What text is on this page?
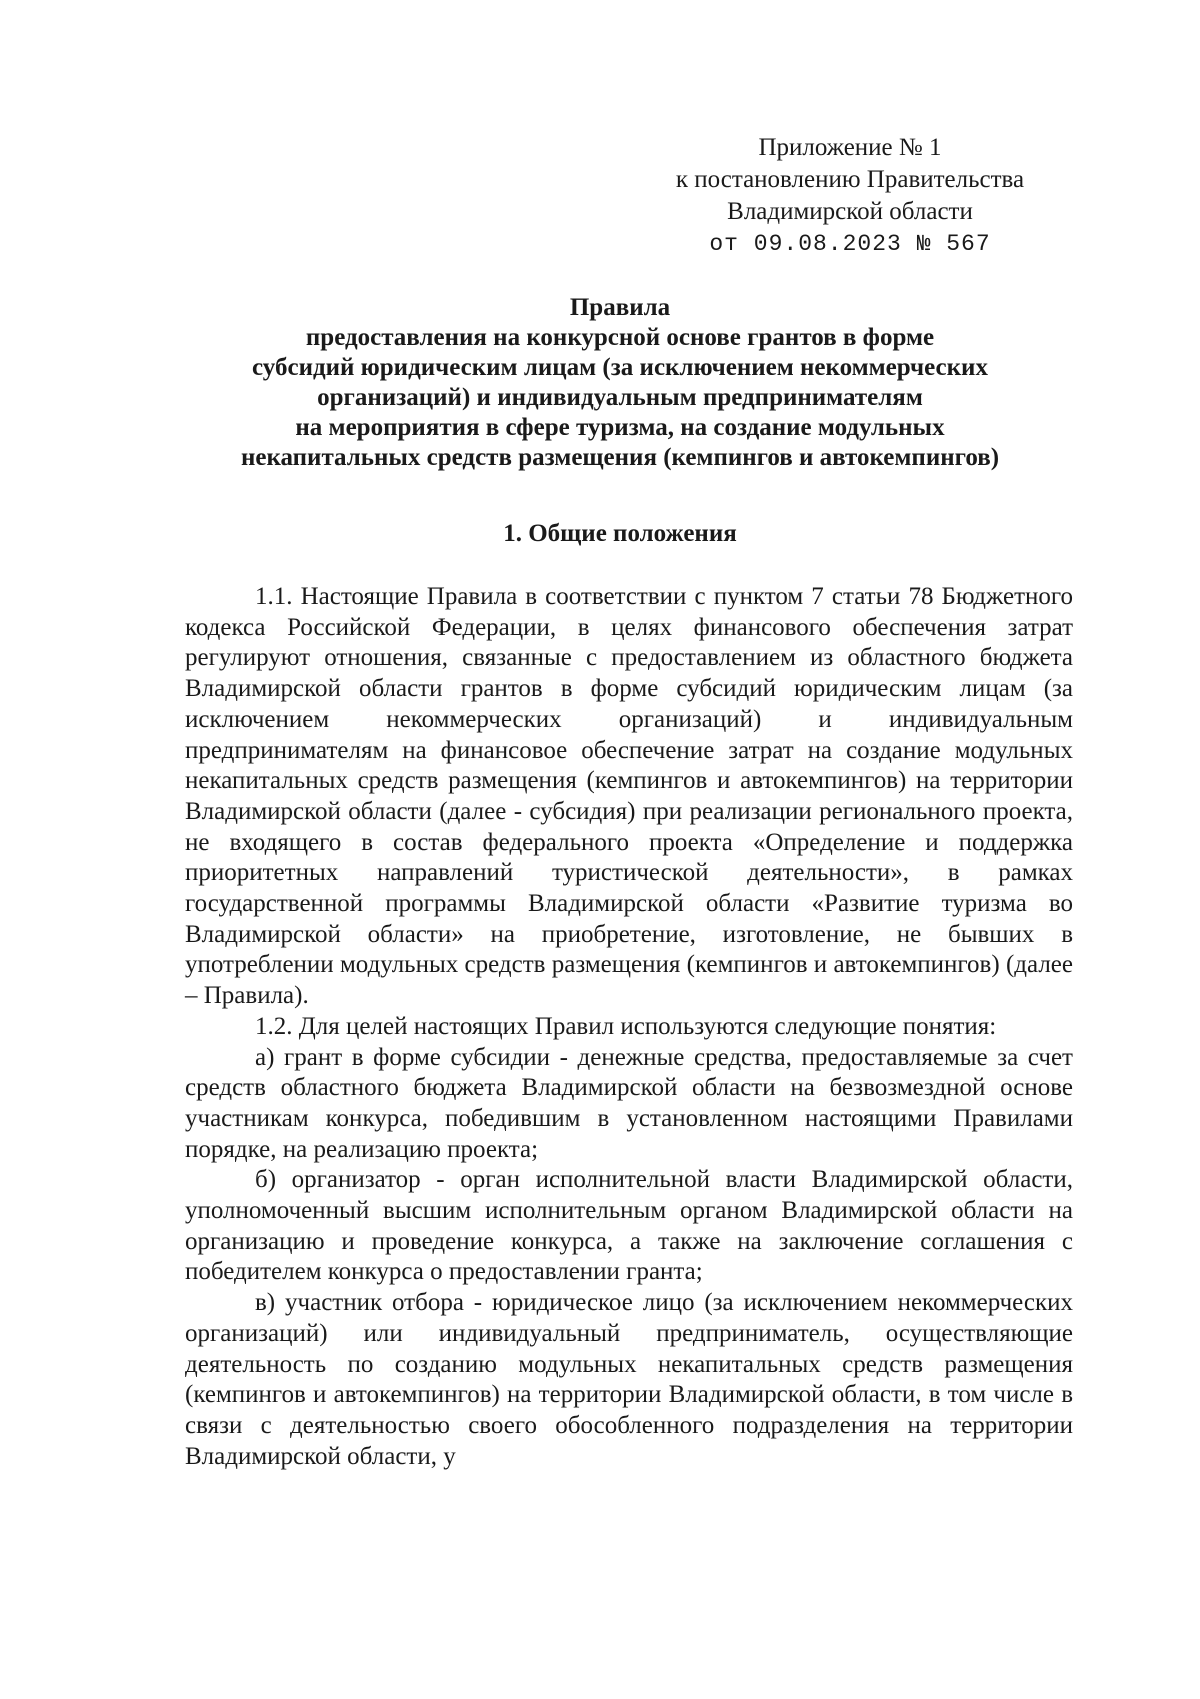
Приложение № 1
к постановлению Правительства
Владимирской области
от 09.08.2023 № 567
Правила
предоставления на конкурсной основе грантов в форме
субсидий юридическим лицам (за исключением некоммерческих
организаций) и индивидуальным предпринимателям
на мероприятия в сфере туризма, на создание модульных
некапитальных средств размещения (кемпингов и автокемпингов)
1. Общие положения

1.1. Настоящие Правила в соответствии с пунктом 7 статьи 78 Бюджетного кодекса Российской Федерации, в целях финансового обеспечения затрат регулируют отношения, связанные с предоставлением из областного бюджета Владимирской области грантов в форме субсидий юридическим лицам (за исключением некоммерческих организаций) и индивидуальным предпринимателям на финансовое обеспечение затрат на создание модульных некапитальных средств размещения (кемпингов и автокемпингов) на территории Владимирской области (далее - субсидия) при реализации регионального проекта, не входящего в состав федерального проекта «Определение и поддержка приоритетных направлений туристической деятельности», в рамках государственной программы Владимирской области «Развитие туризма во Владимирской области» на приобретение, изготовление, не бывших в употреблении модульных средств размещения (кемпингов и автокемпингов) (далее – Правила).

1.2. Для целей настоящих Правил используются следующие понятия:

а) грант в форме субсидии - денежные средства, предоставляемые за счет средств областного бюджета Владимирской области на безвозмездной основе участникам конкурса, победившим в установленном настоящими Правилами порядке, на реализацию проекта;

б) организатор - орган исполнительной власти Владимирской области, уполномоченный высшим исполнительным органом Владимирской области на организацию и проведение конкурса, а также на заключение соглашения с победителем конкурса о предоставлении гранта;

в) участник отбора - юридическое лицо (за исключением некоммерческих организаций) или индивидуальный предприниматель, осуществляющие деятельность по созданию модульных некапитальных средств размещения (кемпингов и автокемпингов) на территории Владимирской области, в том числе в связи с деятельностью своего обособленного подразделения на территории Владимирской области, у
